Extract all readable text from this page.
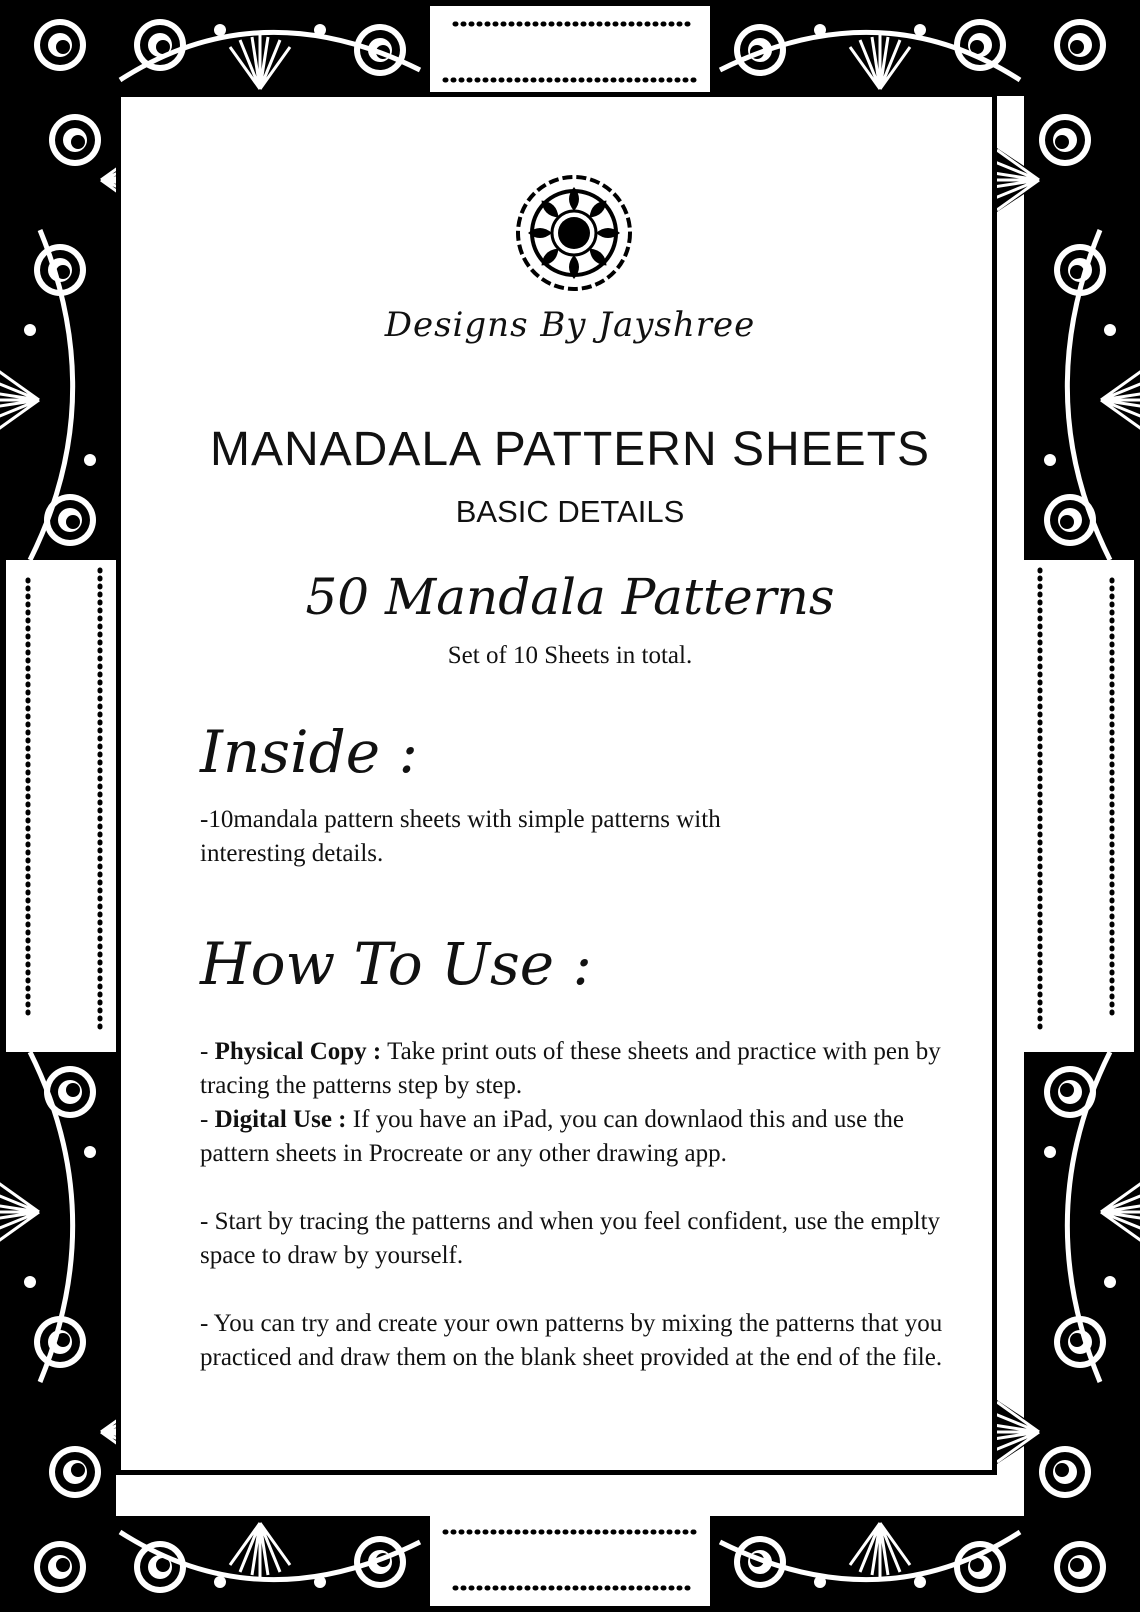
Designs By Jayshree
MANADALA PATTERN SHEETS
BASIC DETAILS
50 Mandala Patterns
Set of 10 Sheets in total.
Inside :

-10mandala pattern sheets with simple patterns with

interesting details.

How To Use :

- Physical Copy : Take print outs of these sheets and practice with pen by tracing the patterns step by step.

- Digital Use : If you have an iPad, you can downlaod this and use the pattern sheets in Procreate or any other drawing app.

- Start by tracing the patterns and when you feel confident, use the emplty space to draw by yourself.

- You can try and create your own patterns by mixing the patterns that you practiced and draw them on the blank sheet provided at the end of the file.
